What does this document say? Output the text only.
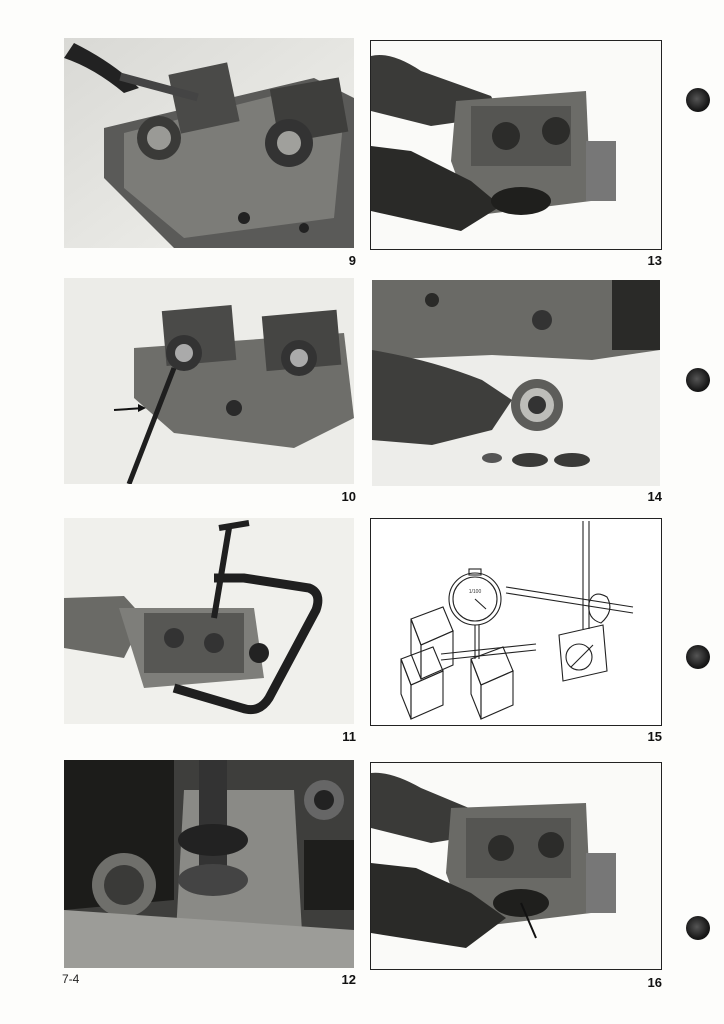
9
10
11
12
7-4
13
14
1/100
15
16
